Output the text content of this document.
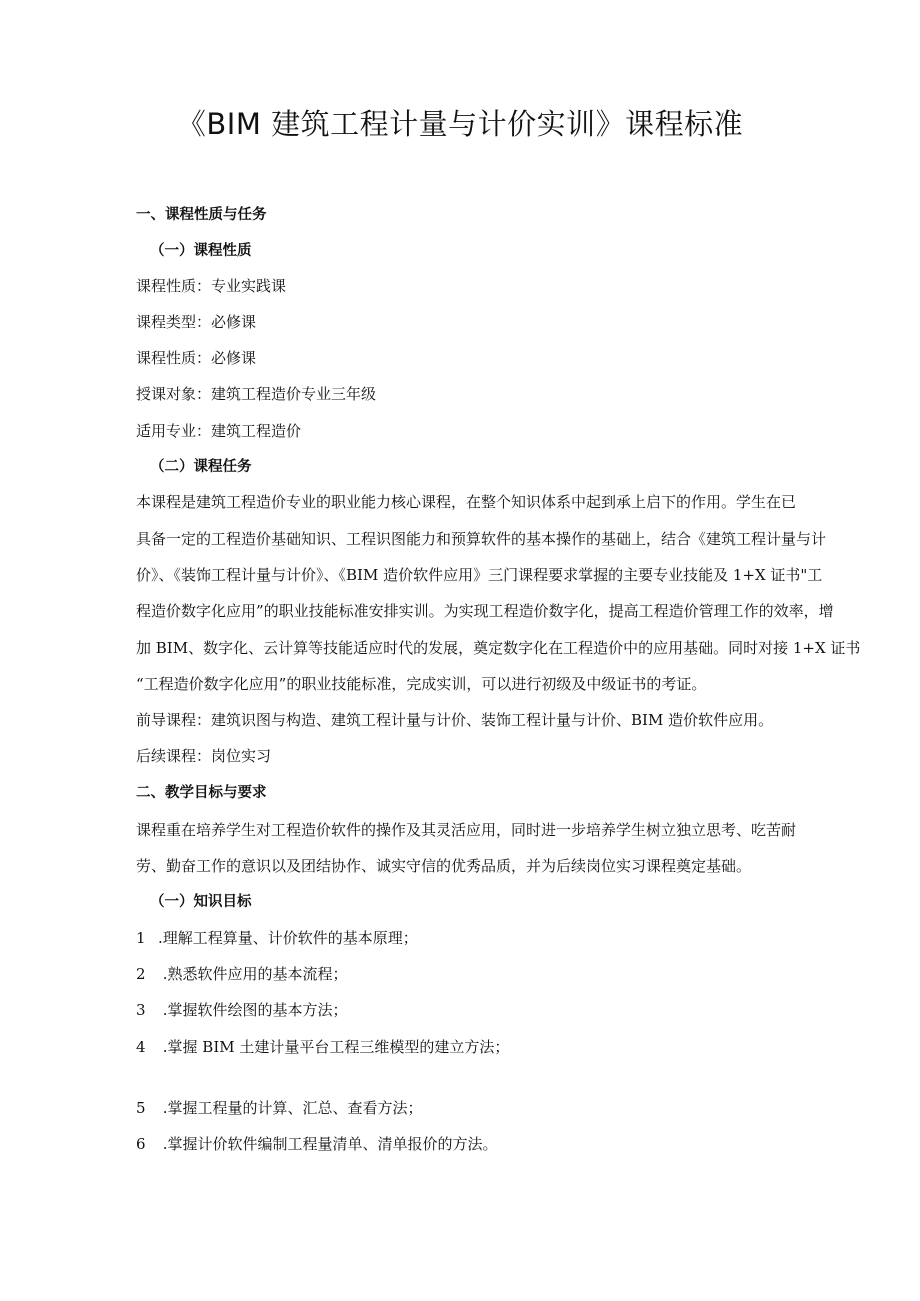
《BIM 建筑工程计量与计价实训》课程标准
一、课程性质与任务
（一）课程性质
课程性质：专业实践课
课程类型：必修课
课程性质：必修课
授课对象：建筑工程造价专业三年级
适用专业：建筑工程造价
（二）课程任务
本课程是建筑工程造价专业的职业能力核心课程，在整个知识体系中起到承上启下的作用。学生在已
具备一定的工程造价基础知识、工程识图能力和预算软件的基本操作的基础上，结合《建筑工程计量与计
价》、《装饰工程计量与计价》、《BIM 造价软件应用》三门课程要求掌握的主要专业技能及 1+X 证书"工
程造价数字化应用”的职业技能标准安排实训。为实现工程造价数字化，提高工程造价管理工作的效率，增
加 BIM、数字化、云计算等技能适应时代的发展，奠定数字化在工程造价中的应用基础。同时对接 1+X 证书
“工程造价数字化应用”的职业技能标准，完成实训，可以进行初级及中级证书的考证。
前导课程：建筑识图与构造、建筑工程计量与计价、装饰工程计量与计价、BIM 造价软件应用。
后续课程：岗位实习
二、教学目标与要求
课程重在培养学生对工程造价软件的操作及其灵活应用，同时进一步培养学生树立独立思考、吃苦耐
劳、勤奋工作的意识以及团结协作、诚实守信的优秀品质，并为后续岗位实习课程奠定基础。
（一）知识目标
1 .理解工程算量、计价软件的基本原理；
2 .熟悉软件应用的基本流程；
3 .掌握软件绘图的基本方法；
4 .掌握 BIM 土建计量平台工程三维模型的建立方法；
5 .掌握工程量的计算、汇总、查看方法；
6 .掌握计价软件编制工程量清单、清单报价的方法。
